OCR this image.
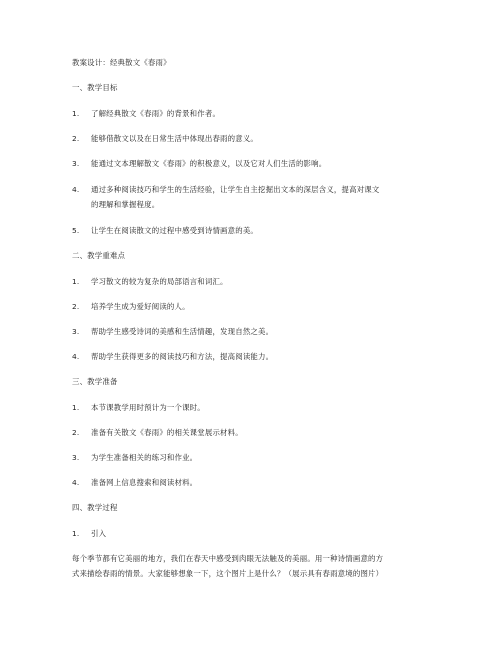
教案设计：经典散文《春雨》
一、教学目标
1. 了解经典散文《春雨》的背景和作者。
2. 能够借散文以及在日常生活中体现出春雨的意义。
3. 能通过文本理解散文《春雨》的积极意义，以及它对人们生活的影响。
4. 通过多种阅读技巧和学生的生活经验，让学生自主挖掘出文本的深层含义，提高对课文
的理解和掌握程度。
5. 让学生在阅读散文的过程中感受到诗情画意的美。
二、教学重难点
1. 学习散文的较为复杂的局部语言和词汇。
2. 培养学生成为爱好阅读的人。
3. 帮助学生感受诗词的美感和生活情趣，发现自然之美。
4. 帮助学生获得更多的阅读技巧和方法，提高阅读能力。
三、教学准备
1. 本节课教学用时预计为一个课时。
2. 准备有关散文《春雨》的相关课堂展示材料。
3. 为学生准备相关的练习和作业。
4. 准备网上信息搜索和阅读材料。
四、教学过程
1. 引入
每个季节都有它美丽的地方，我们在春天中感受到肉眼无法触及的美丽。用一种诗情画意的方
式来描绘春雨的情景。大家能够想象一下，这个图片上是什么？（展示具有春雨意境的图片）
